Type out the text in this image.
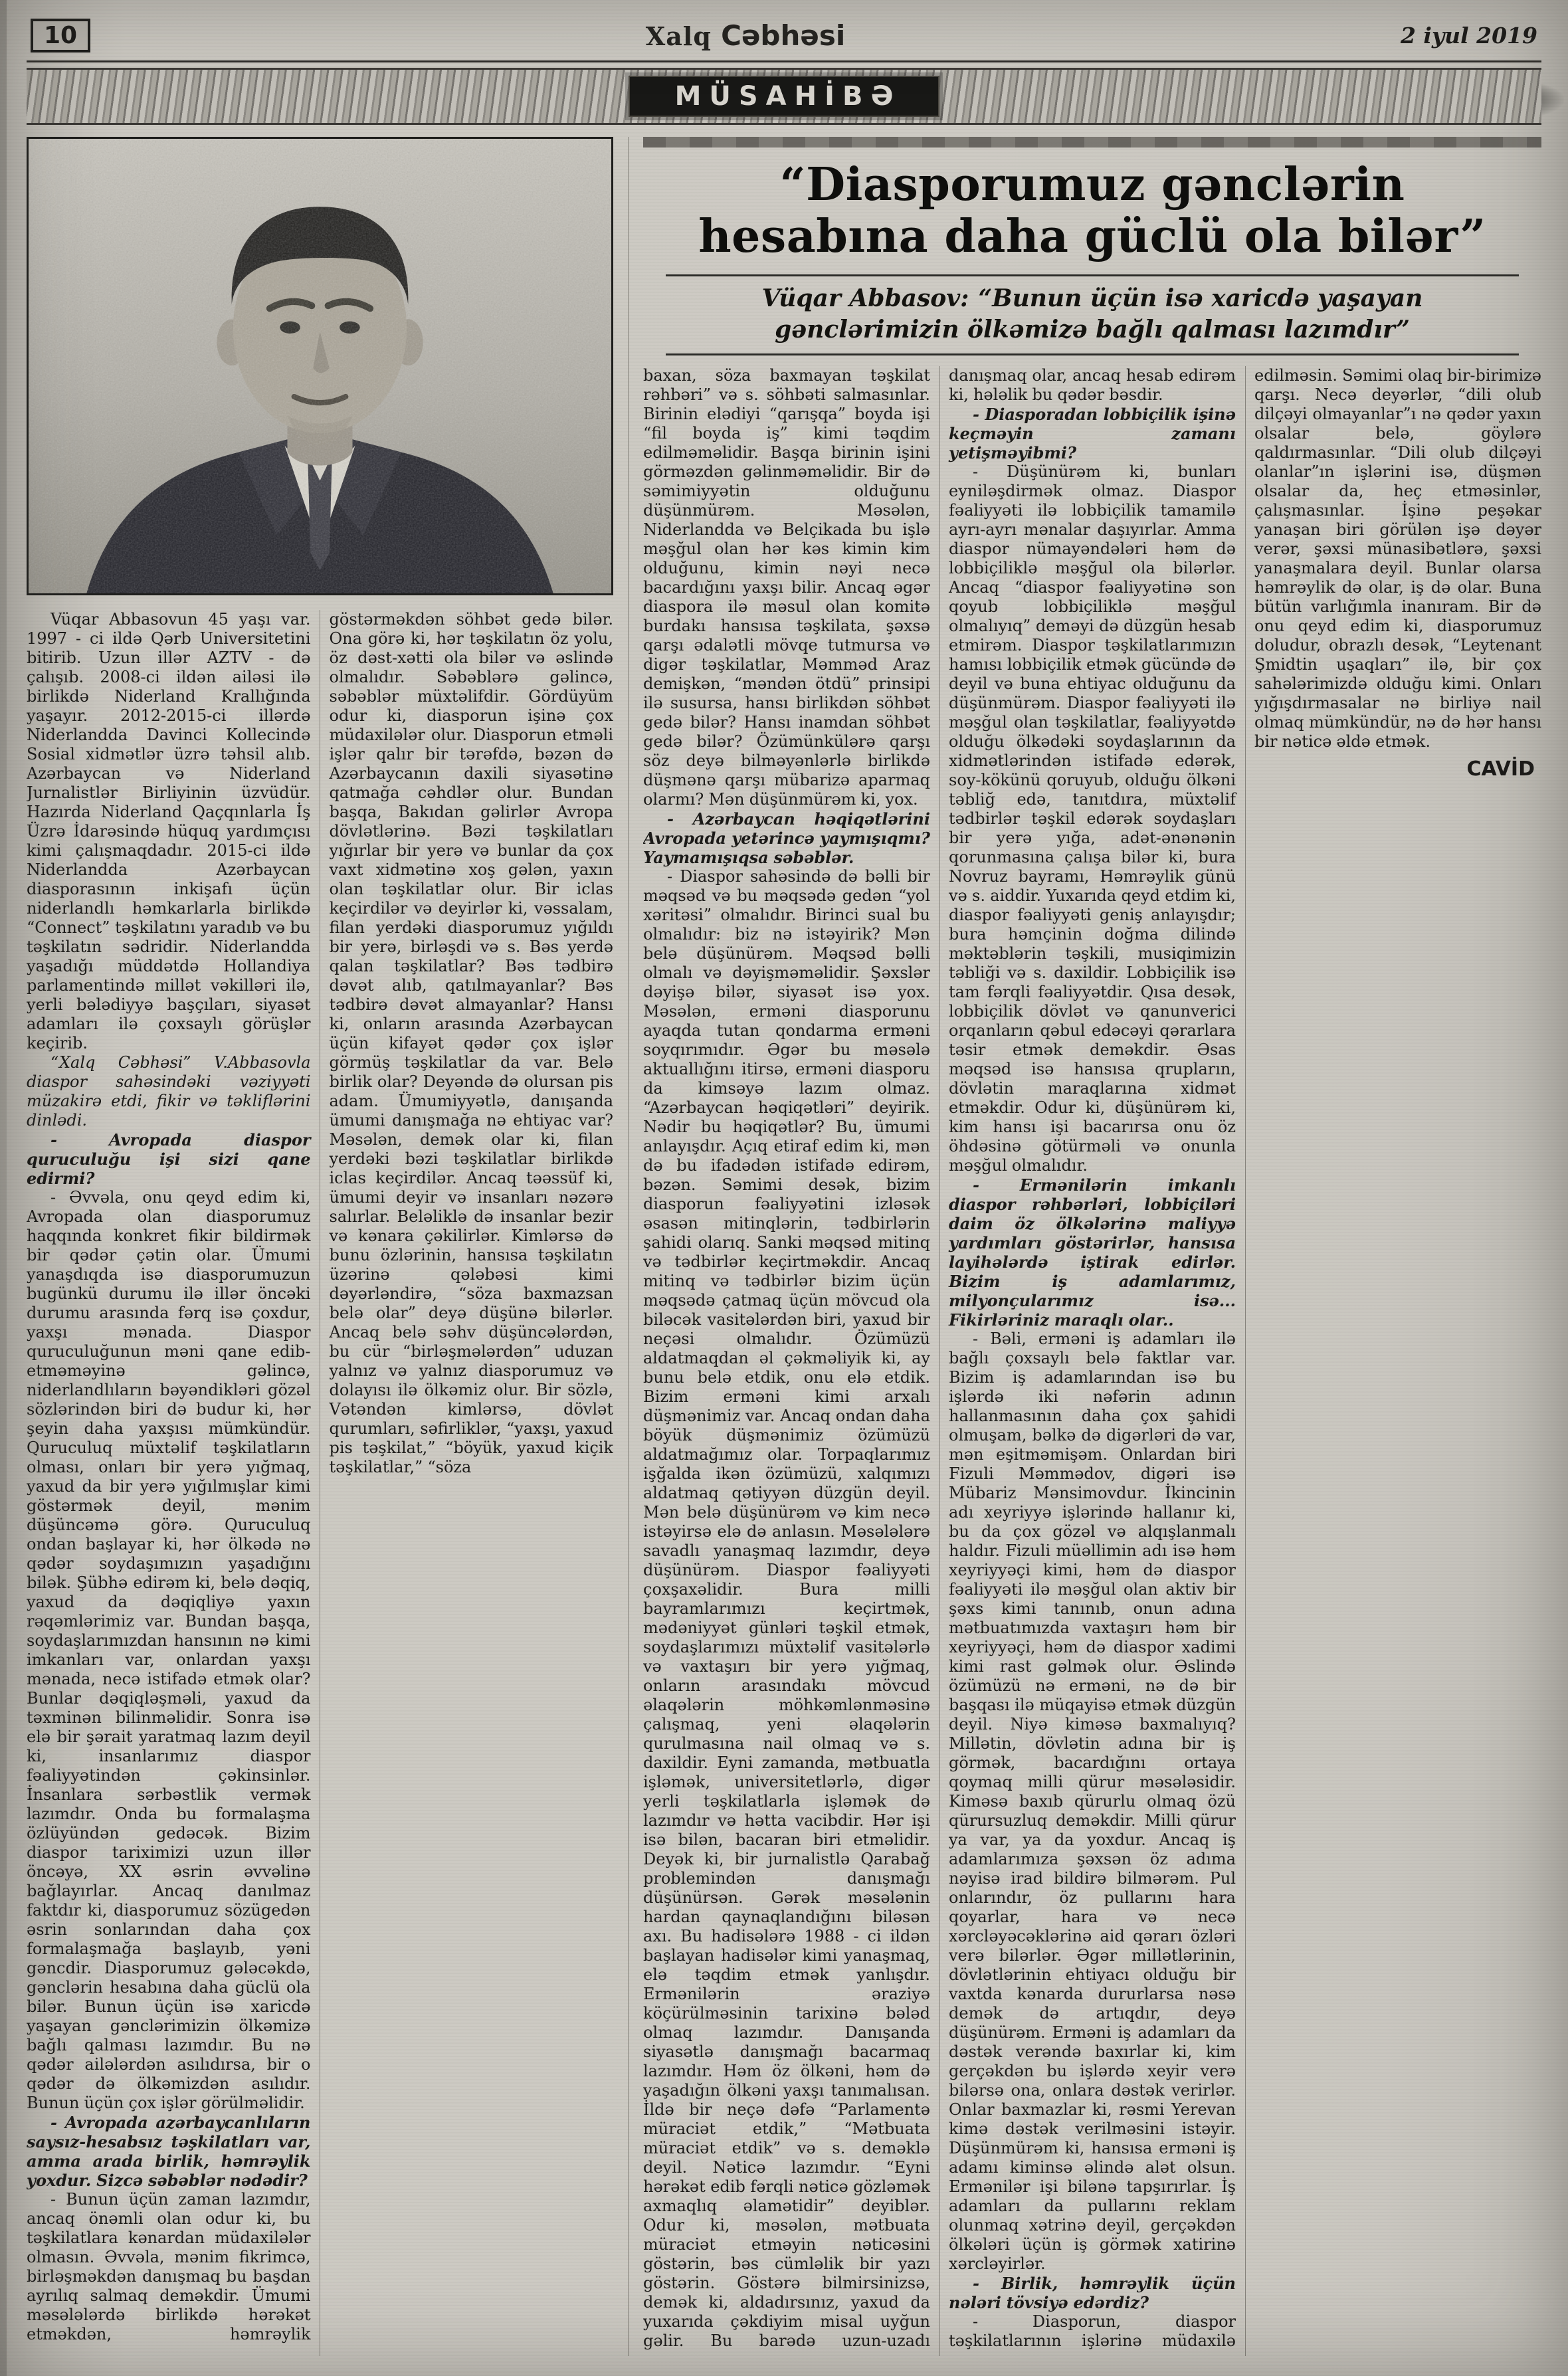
10	Xalq Cəbhəsi	2 iyul 2019
MÜSAHİBƏ

Vüqar Abbasovun 45 yaşı var. 1997 - ci ildə Qərb Universitetini bitirib. Uzun illər AZTV - də çalışıb. 2008-ci ildən ailəsi ilə birlikdə Niderland Krallığında yaşayır. 2012-2015-ci illərdə Niderlandda Davinci Kollecində Sosial xidmətlər üzrə təhsil alıb. Azərbaycan və Niderland Jurnalistlər Birliyinin üzvüdür. Hazırda Niderland Qaçqınlarla İş Üzrə İdarəsində hüquq yardımçısı kimi çalışmaqdadır. 2015-ci ildə Niderlandda Azərbaycan diasporasının inkişafı üçün niderlandlı həmkarlarla birlikdə “Connect” təşkilatını yaradıb və bu təşkilatın sədridir. Niderlandda yaşadığı müddətdə Hollandiya parlamentində millət vəkilləri ilə, yerli bələdiyyə başçıları, siyasət adamları ilə çoxsaylı görüşlər keçirib.

“Xalq Cəbhəsi” V.Abbasovla diaspor sahəsindəki vəziyyəti müzakirə etdi, fikir və təkliflərini dinlədi.

- Avropada diaspor quruculuğu işi sizi qane edirmi?

- Əvvəla, onu qeyd edim ki, Avropada olan diasporumuz haqqında konkret fikir bildirmək bir qədər çətin olar. Ümumi yanaşdıqda isə diasporumuzun bugünkü durumu ilə illər öncəki durumu arasında fərq isə çoxdur, yaxşı mənada. Diaspor quruculuğunun məni qane edib-etməməyinə gəlincə, niderlandlıların bəyəndikləri gözəl sözlərindən biri də budur ki, hər şeyin daha yaxşısı mümkündür. Quruculuq müxtəlif təşkilatların olması, onları bir yerə yığmaq, yaxud da bir yerə yığılmışlar kimi göstərmək deyil, mənim düşüncəmə görə. Quruculuq ondan başlayar ki, hər ölkədə nə qədər soydaşımızın yaşadığını bilək. Şübhə edirəm ki, belə dəqiq, yaxud da dəqiqliyə yaxın rəqəmlərimiz var. Bundan başqa, soydaşlarımızdan hansının nə kimi imkanları var, onlardan yaxşı mənada, necə istifadə etmək olar? Bunlar dəqiqləşməli, yaxud da təxminən bilinməlidir. Sonra isə elə bir şərait yaratmaq lazım deyil ki, insanlarımız diaspor fəaliyyətindən çəkinsinlər. İnsanlara sərbəstlik vermək lazımdır. Onda bu formalaşma özlüyündən gedəcək. Bizim diaspor tariximizi uzun illər öncəyə, XX əsrin əvvəlinə bağlayırlar. Ancaq danılmaz faktdır ki, diasporumuz sözügedən əsrin sonlarından daha çox formalaşmağa başlayıb, yəni gəncdir. Diasporumuz gələcəkdə, gənclərin hesabına daha güclü ola bilər. Bunun üçün isə xaricdə yaşayan gənclərimizin ölkəmizə bağlı qalması lazımdır. Bu nə qədər ailələrdən asılıdırsa, bir o qədər də ölkəmizdən asılıdır. Bunun üçün çox işlər görülməlidir.

- Avropada azərbaycanlıların saysız-hesabsız təşkilatları var, amma arada birlik, həmrəylik yoxdur. Sizcə səbəblər nədədir?

- Bunun üçün zaman lazımdır, ancaq önəmli olan odur ki, bu təşkilatlara kənardan müdaxilələr olmasın. Əvvəla, mənim fikrimcə, birləşməkdən danışmaq bu başdan ayrılıq salmaq deməkdir. Ümumi məsələlərdə birlikdə hərəkət etməkdən, həmrəylik göstərməkdən söhbət gedə bilər. Ona görə ki, hər təşkilatın öz yolu, öz dəst-xətti ola bilər və əslində olmalıdır. Səbəblərə gəlincə, səbəblər müxtəlifdir. Gördüyüm odur ki, diasporun işinə çox müdaxilələr olur. Diasporun etməli işlər qalır bir tərəfdə, bəzən də Azərbaycanın daxili siyasətinə qatmağa cəhdlər olur. Bundan başqa, Bakıdan gəlirlər Avropa dövlətlərinə. Bəzi təşkilatları yığırlar bir yerə və bunlar da çox vaxt xidmətinə xoş gələn, yaxın olan təşkilatlar olur. Bir iclas keçirdilər və deyirlər ki, vəssalam, filan yerdəki diasporumuz yığıldı bir yerə, birləşdi və s. Bəs yerdə qalan təşkilatlar? Bəs tədbirə dəvət alıb, qatılmayanlar? Bəs tədbirə dəvət almayanlar? Hansı ki, onların arasında Azərbaycan üçün kifayət qədər çox işlər görmüş təşkilatlar da var. Belə birlik olar? Deyəndə də olursan pis adam. Ümumiyyətlə, danışanda ümumi danışmağa nə ehtiyac var? Məsələn, demək olar ki, filan yerdəki bəzi təşkilatlar birlikdə iclas keçirdilər. Ancaq təəssüf ki, ümumi deyir və insanları nəzərə salırlar. Beləliklə də insanlar bezir və kənara çəkilirlər. Kimlərsə də bunu özlərinin, hansısa təşkilatın üzərinə qələbəsi kimi dəyərləndirə, “söza baxmazsan belə olar” deyə düşünə bilərlər. Ancaq belə səhv düşüncələrdən, bu cür “birləşmələrdən” uduzan yalnız və yalnız diasporumuz və dolayısı ilə ölkəmiz olur. Bir sözlə, Vətəndən kimlərsə, dövlət qurumları, səfirliklər, “yaxşı, yaxud pis təşkilat,” “böyük, yaxud kiçik təşkilatlar,” “söza

“Diasporumuz gənclərin
hesabına daha güclü ola bilər”
Vüqar Abbasov: “Bunun üçün isə xaricdə yaşayan gənclərimizin ölkəmizə bağlı qalması lazımdır”

baxan, söza baxmayan təşkilat rəhbəri” və s. söhbəti salmasınlar. Birinin elədiyi “qarışqa” boyda işi “fil boyda iş” kimi təqdim edilməməlidir. Başqa birinin işini görməzdən gəlinməməlidir. Bir də səmimiyyətin olduğunu düşünmürəm. Məsələn, Niderlandda və Belçikada bu işlə məşğul olan hər kəs kimin kim olduğunu, kimin nəyi necə bacardığını yaxşı bilir. Ancaq əgər diaspora ilə məsul olan komitə burdakı hansısa təşkilata, şəxsə qarşı ədalətli mövqe tutmursa və digər təşkilatlar, Məmməd Araz demişkən, “məndən ötdü” prinsipi ilə susursa, hansı birlikdən söhbət gedə bilər? Hansı inamdan söhbət gedə bilər? Özümünkülərə qarşı söz deyə bilməyənlərlə birlikdə düşmənə qarşı mübarizə aparmaq olarmı? Mən düşünmürəm ki, yox.

- Azərbaycan həqiqətlərini Avropada yetərincə yaymışıqmı? Yaymamışıqsa səbəblər.

- Diaspor sahəsində də bəlli bir məqsəd və bu məqsədə gedən “yol xəritəsi” olmalıdır. Birinci sual bu olmalıdır: biz nə istəyirik? Mən belə düşünürəm. Məqsəd bəlli olmalı və dəyişməməlidir. Şəxslər dəyişə bilər, siyasət isə yox. Məsələn, erməni diasporunu ayaqda tutan qondarma erməni soyqırımıdır. Əgər bu məsələ aktuallığını itirsə, erməni diasporu da kimsəyə lazım olmaz. “Azərbaycan həqiqətləri” deyirik. Nədir bu həqiqətlər? Bu, ümumi anlayışdır. Açıq etiraf edim ki, mən də bu ifadədən istifadə edirəm, bəzən. Səmimi desək, bizim diasporun fəaliyyətini izləsək əsasən mitinqlərin, tədbirlərin şahidi olarıq. Sanki məqsəd mitinq və tədbirlər keçirtməkdir. Ancaq mitinq və tədbirlər bizim üçün məqsədə çatmaq üçün mövcud ola biləcək vasitələrdən biri, yaxud bir neçəsi olmalıdır. Özümüzü aldatmaqdan əl çəkməliyik ki, ay bunu belə etdik, onu elə etdik. Bizim erməni kimi arxalı düşmənimiz var. Ancaq ondan daha böyük düşmənimiz özümüzü aldatmağımız olar. Torpaqlarımız işğalda ikən özümüzü, xalqımızı aldatmaq qətiyyən düzgün deyil. Mən belə düşünürəm və kim necə istəyirsə elə də anlasın. Məsələlərə savadlı yanaşmaq lazımdır, deyə düşünürəm. Diaspor fəaliyyəti çoxşaxəlidir. Bura milli bayramlarımızı keçirtmək, mədəniyyət günləri təşkil etmək, soydaşlarımızı müxtəlif vasitələrlə və vaxtaşırı bir yerə yığmaq, onların arasındakı mövcud əlaqələrin möhkəmlənməsinə çalışmaq, yeni əlaqələrin qurulmasına nail olmaq və s. daxildir. Eyni zamanda, mətbuatla işləmək, universitetlərlə, digər yerli təşkilatlarla işləmək də lazımdır və hətta vacibdir. Hər işi isə bilən, bacaran biri etməlidir. Deyək ki, bir jurnalistlə Qarabağ problemindən danışmağı düşünürsən. Gərək məsələnin hardan qaynaqlandığını biləsən axı. Bu hadisələrə 1988 - ci ildən başlayan hadisələr kimi yanaşmaq, elə təqdim etmək yanlışdır. Ermənilərin əraziyə köçürülməsinin tarixinə bələd olmaq lazımdır. Danışanda siyasətlə danışmağı bacarmaq lazımdır. Həm öz ölkəni, həm də yaşadığın ölkəni yaxşı tanımalısan. İldə bir neçə dəfə “Parlamentə müraciət etdik,” “Mətbuata müraciət etdik” və s. deməklə deyil. Nəticə lazımdır. “Eyni hərəkət edib fərqli nəticə gözləmək axmaqlıq əlamətidir” deyiblər. Odur ki, məsələn, mətbuata müraciət etməyin nəticəsini göstərin, bəs cümləlik bir yazı göstərin. Göstərə bilmirsinizsə, demək ki, aldadırsınız, yaxud da yuxarıda çəkdiyim misal uyğun gəlir. Bu barədə uzun-uzadı danışmaq olar, ancaq hesab edirəm ki, hələlik bu qədər bəsdir.

- Diasporadan lobbiçilik işinə keçməyin zamanı yetişməyibmi?

- Düşünürəm ki, bunları eyniləşdirmək olmaz. Diaspor fəaliyyəti ilə lobbiçilik tamamilə ayrı-ayrı mənalar daşıyırlar. Amma diaspor nümayəndələri həm də lobbiçiliklə məşğul ola bilərlər. Ancaq “diaspor fəaliyyətinə son qoyub lobbiçiliklə məşğul olmalıyıq” deməyi də düzgün hesab etmirəm. Diaspor təşkilatlarımızın hamısı lobbiçilik etmək gücündə də deyil və buna ehtiyac olduğunu da düşünmürəm. Diaspor fəaliyyəti ilə məşğul olan təşkilatlar, fəaliyyətdə olduğu ölkədəki soydaşlarının da xidmətlərindən istifadə edərək, soy-kökünü qoruyub, olduğu ölkəni təbliğ edə, tanıtdıra, müxtəlif tədbirlər təşkil edərək soydaşları bir yerə yığa, adət-ənənənin qorunmasına çalışa bilər ki, bura Novruz bayramı, Həmrəylik günü və s. aiddir. Yuxarıda qeyd etdim ki, diaspor fəaliyyəti geniş anlayışdır; bura həmçinin doğma dilində məktəblərin təşkili, musiqimizin təbliği və s. daxildir. Lobbiçilik isə tam fərqli fəaliyyətdir. Qısa desək, lobbiçilik dövlət və qanunverici orqanların qəbul edəcəyi qərarlara təsir etmək deməkdir. Əsas məqsəd isə hansısa qrupların, dövlətin maraqlarına xidmət etməkdir. Odur ki, düşünürəm ki, kim hansı işi bacarırsa onu öz öhdəsinə götürməli və onunla məşğul olmalıdır.

- Ermənilərin imkanlı diaspor rəhbərləri, lobbiçiləri daim öz ölkələrinə maliyyə yardımları göstərirlər, hansısa layihələrdə iştirak edirlər. Bizim iş adamlarımız, milyonçularımız isə... Fikirləriniz maraqlı olar..

- Bəli, erməni iş adamları ilə bağlı çoxsaylı belə faktlar var. Bizim iş adamlarından isə bu işlərdə iki nəfərin adının hallanmasının daha çox şahidi olmuşam, bəlkə də digərləri də var, mən eşitməmişəm. Onlardan biri Fizuli Məmmədov, digəri isə Mübariz Mənsimovdur. İkincinin adı xeyriyyə işlərində hallanır ki, bu da çox gözəl və alqışlanmalı haldır. Fizuli müəllimin adı isə həm xeyriyyəçi kimi, həm də diaspor fəaliyyəti ilə məşğul olan aktiv bir şəxs kimi tanınıb, onun adına mətbuatımızda vaxtaşırı həm bir xeyriyyəçi, həm də diaspor xadimi kimi rast gəlmək olur. Əslində özümüzü nə erməni, nə də bir başqası ilə müqayisə etmək düzgün deyil. Niyə kiməsə baxmalıyıq? Millətin, dövlətin adına bir iş görmək, bacardığını ortaya qoymaq milli qürur məsələsidir. Kiməsə baxıb qürurlu olmaq özü qürursuzluq deməkdir. Milli qürur ya var, ya da yoxdur. Ancaq iş adamlarımıza şəxsən öz adıma nəyisə irad bildirə bilmərəm. Pul onlarındır, öz pullarını hara qoyarlar, hara və necə xərcləyəcəklərinə aid qərarı özləri verə bilərlər. Əgər millətlərinin, dövlətlərinin ehtiyacı olduğu bir vaxtda kənarda dururlarsa nəsə demək də artıqdır, deyə düşünürəm. Erməni iş adamları da dəstək verəndə baxırlar ki, kim gerçəkdən bu işlərdə xeyir verə bilərsə ona, onlara dəstək verirlər. Onlar baxmazlar ki, rəsmi Yerevan kimə dəstək verilməsini istəyir. Düşünmürəm ki, hansısa erməni iş adamı kiminsə əlində alət olsun. Ermənilər işi bilənə tapşırırlar. İş adamları da pullarını reklam olunmaq xətrinə deyil, gerçəkdən ölkələri üçün iş görmək xatirinə xərcləyirlər.

- Birlik, həmrəylik üçün nələri tövsiyə edərdiz?

- Diasporun, diaspor təşkilatlarının işlərinə müdaxilə edilməsin. Səmimi olaq bir-birimizə qarşı. Necə deyərlər, “dili olub dilçəyi olmayanlar”ı nə qədər yaxın olsalar belə, göylərə qaldırmasınlar. “Dili olub dilçəyi olanlar”ın işlərini isə, düşmən olsalar da, heç etməsinlər, çalışmasınlar. İşinə peşəkar yanaşan biri görülən işə dəyər verər, şəxsi münasibətlərə, şəxsi yanaşmalara deyil. Bunlar olarsa həmrəylik də olar, iş də olar. Buna bütün varlığımla inanıram. Bir də onu qeyd edim ki, diasporumuz doludur, obrazlı desək, “Leytenant Şmidtin uşaqları” ilə, bir çox sahələrimizdə olduğu kimi. Onları yığışdırmasalar nə birliyə nail olmaq mümkündür, nə də hər hansı bir nəticə əldə etmək.

CAVİD
